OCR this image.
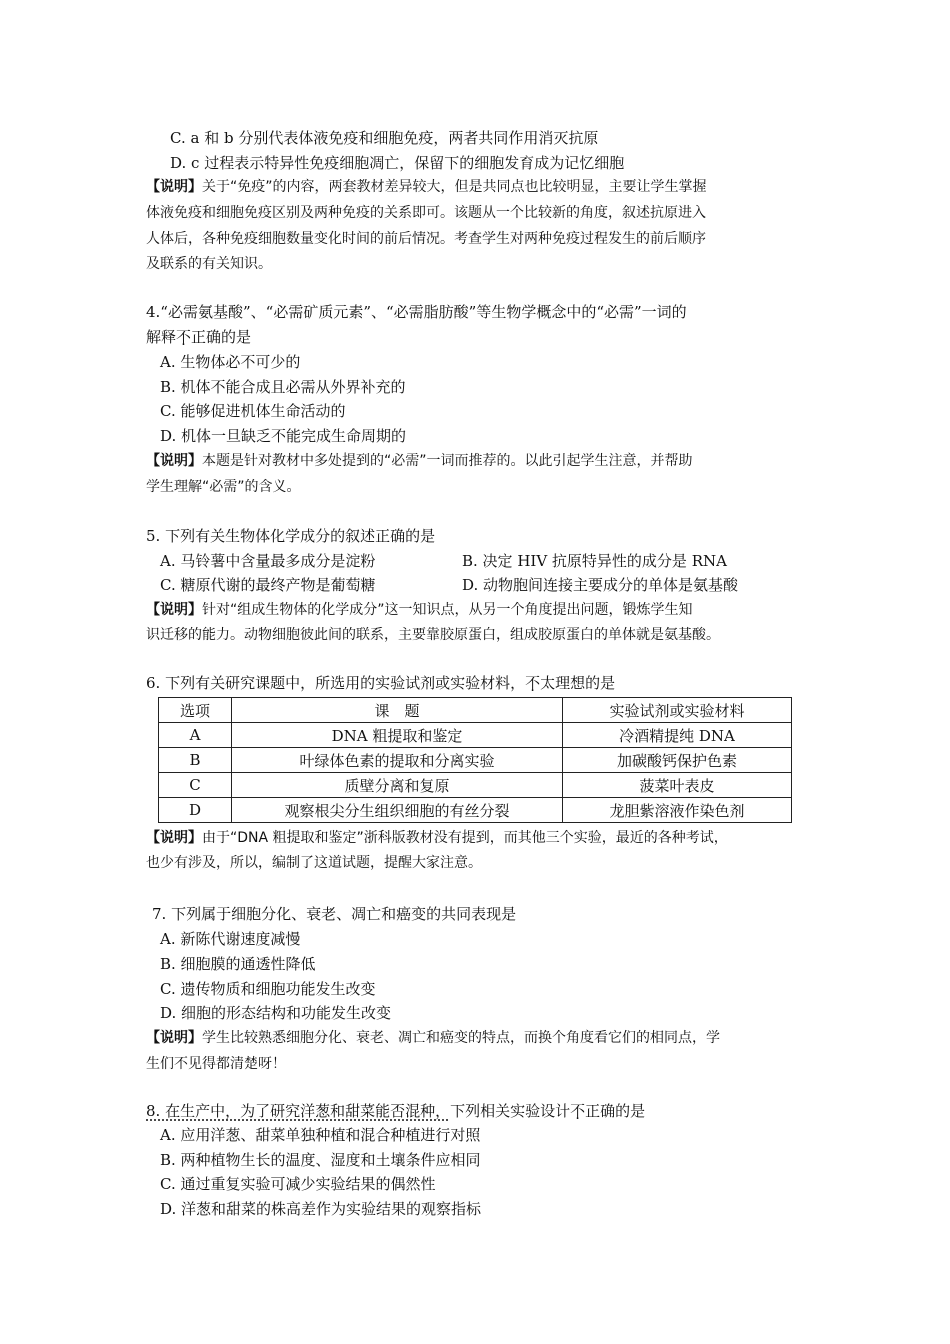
C. a 和 b 分别代表体液免疫和细胞免疫，两者共同作用消灭抗原
D. c 过程表示特异性免疫细胞凋亡，保留下的细胞发育成为记忆细胞
【说明】关于“免疫”的内容，两套教材差异较大，但是共同点也比较明显，主要让学生掌握
体液免疫和细胞免疫区别及两种免疫的关系即可。该题从一个比较新的角度，叙述抗原进入
人体后，各种免疫细胞数量变化时间的前后情况。考查学生对两种免疫过程发生的前后顺序
及联系的有关知识。
4.“必需氨基酸”、“必需矿质元素”、“必需脂肪酸”等生物学概念中的“必需”一词的
解释不正确的是
A. 生物体必不可少的
B. 机体不能合成且必需从外界补充的
C. 能够促进机体生命活动的
D. 机体一旦缺乏不能完成生命周期的
【说明】本题是针对教材中多处提到的“必需”一词而推荐的。以此引起学生注意，并帮助
学生理解“必需”的含义。
5. 下列有关生物体化学成分的叙述正确的是
A. 马铃薯中含量最多成分是淀粉	B. 决定 HIV 抗原特异性的成分是 RNA
C. 糖原代谢的最终产物是葡萄糖	D. 动物胞间连接主要成分的单体是氨基酸
【说明】针对“组成生物体的化学成分”这一知识点，从另一个角度提出问题，锻炼学生知
识迁移的能力。动物细胞彼此间的联系，主要靠胶原蛋白，组成胶原蛋白的单体就是氨基酸。
6. 下列有关研究课题中，所选用的实验试剂或实验材料，不太理想的是
选项	课　题	实验试剂或实验材料
A	DNA 粗提取和鉴定	冷酒精提纯 DNA
B	叶绿体色素的提取和分离实验	加碳酸钙保护色素
C	质壁分离和复原	菠菜叶表皮
D	观察根尖分生组织细胞的有丝分裂	龙胆紫溶液作染色剂
【说明】由于“DNA 粗提取和鉴定”浙科版教材没有提到，而其他三个实验，最近的各种考试，
也少有涉及，所以，编制了这道试题，提醒大家注意。
7. 下列属于细胞分化、衰老、凋亡和癌变的共同表现是
A. 新陈代谢速度减慢
B. 细胞膜的通透性降低
C. 遗传物质和细胞功能发生改变
D. 细胞的形态结构和功能发生改变
【说明】学生比较熟悉细胞分化、衰老、凋亡和癌变的特点，而换个角度看它们的相同点，学
生们不见得都清楚呀！
8. 在生产中，为了研究洋葱和甜菜能否混种，下列相关实验设计不正确的是
A. 应用洋葱、甜菜单独种植和混合种植进行对照
B. 两种植物生长的温度、湿度和土壤条件应相同
C. 通过重复实验可减少实验结果的偶然性
D. 洋葱和甜菜的株高差作为实验结果的观察指标
